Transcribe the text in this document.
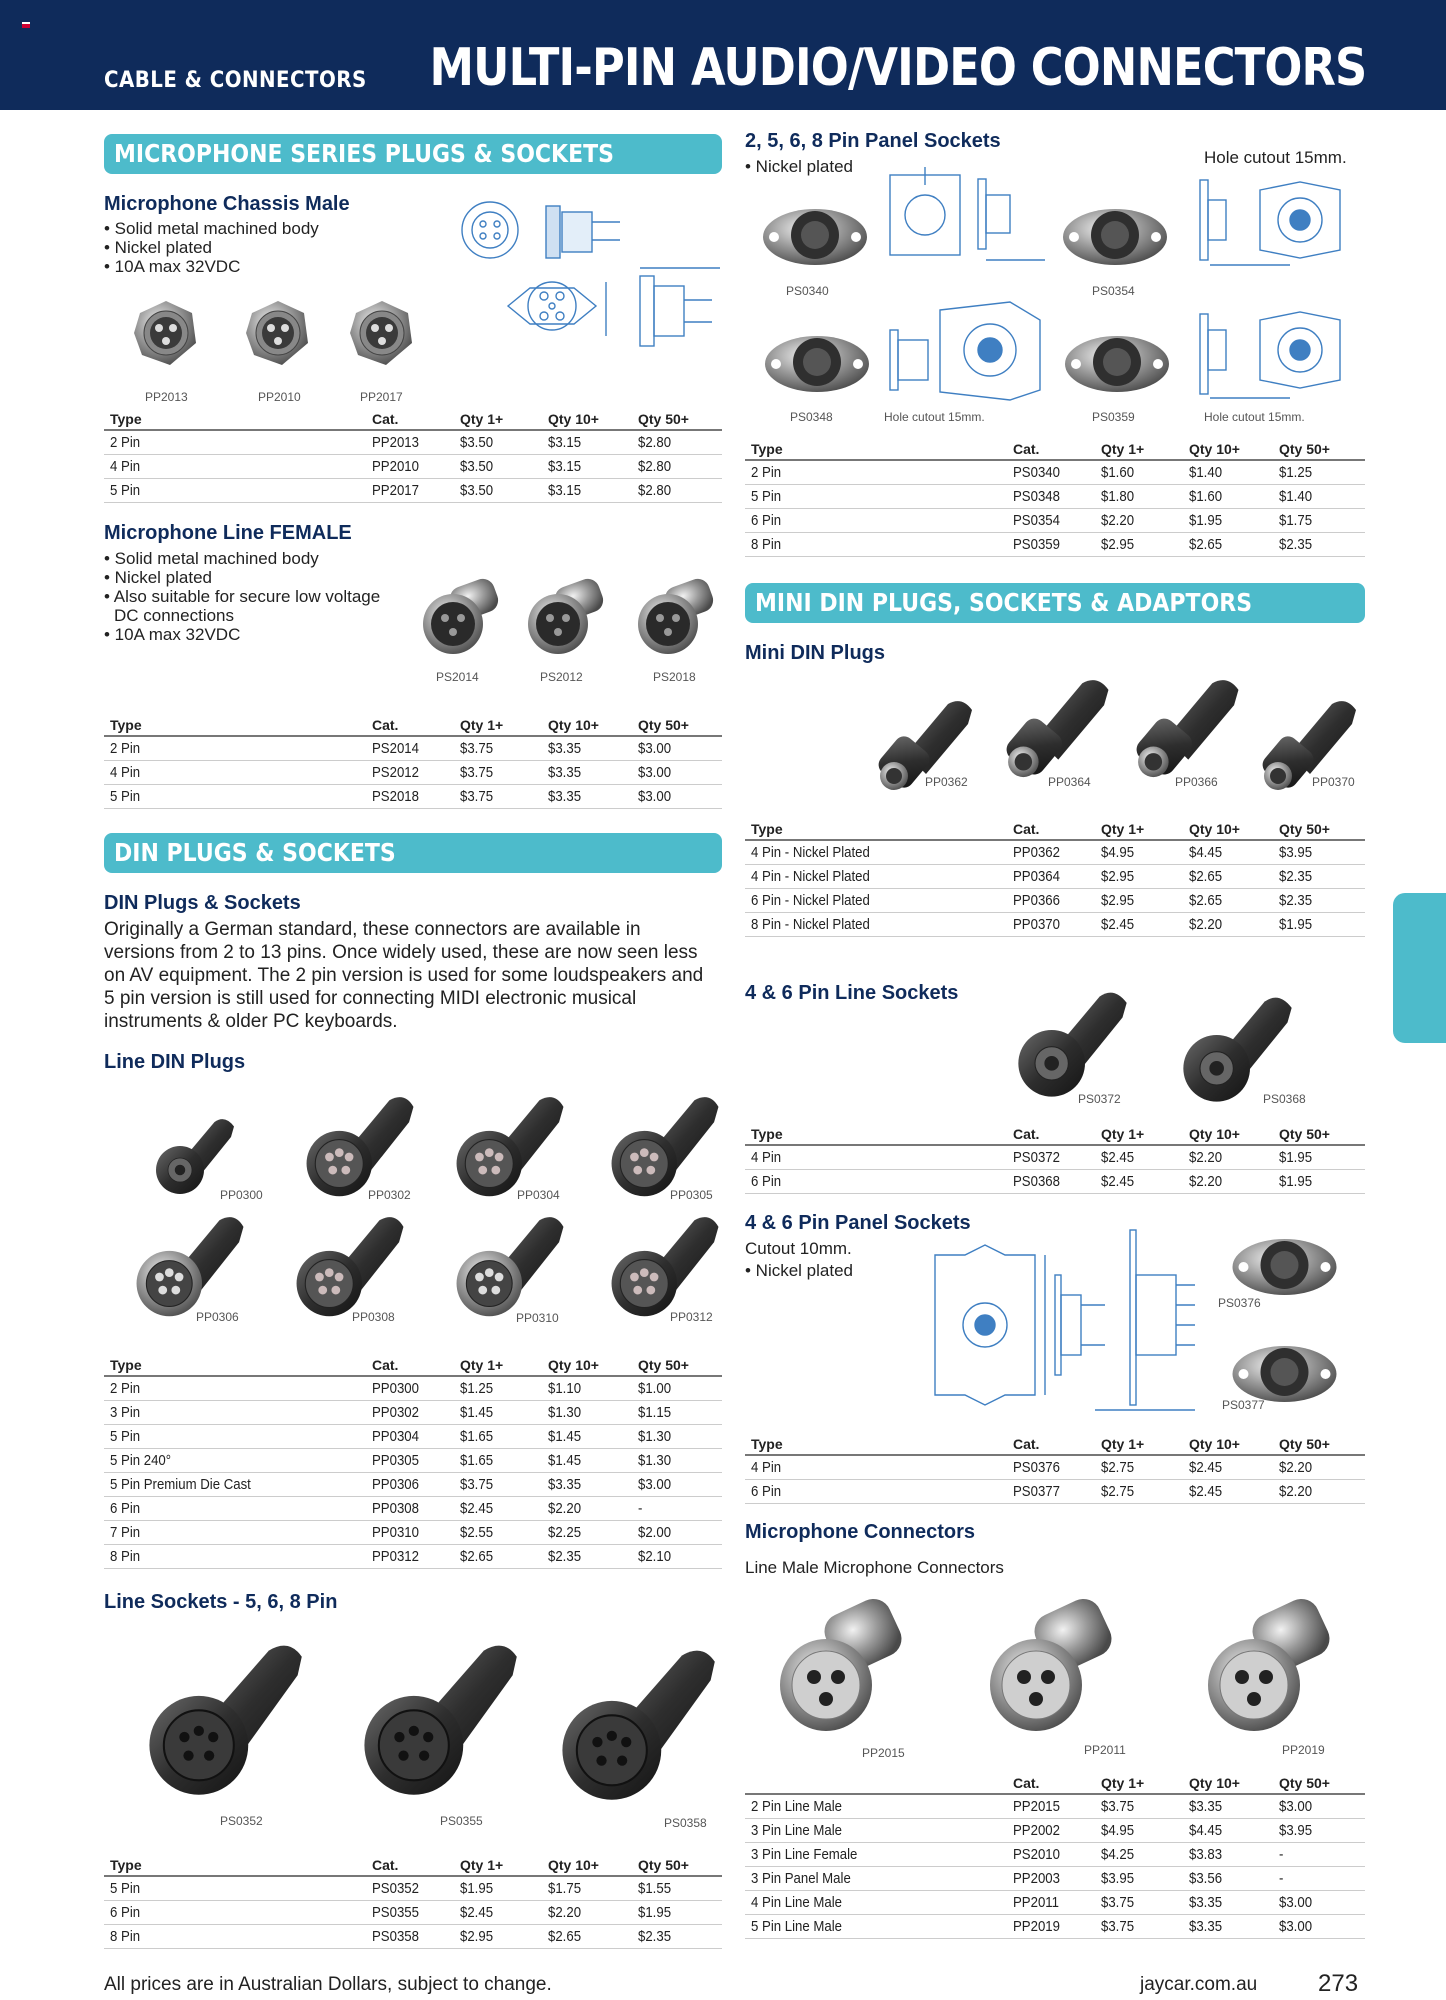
CABLE & CONNECTORS MULTI-PIN AUDIO/VIDEO CONNECTORS
MICROPHONE SERIES PLUGS & SOCKETS
Microphone Chassis Male
• Solid metal machined body
• Nickel plated
• 10A max 32VDC
PP2013	PP2010	PP2017
Type	Cat.	Qty 1+	Qty 10+	Qty 50+
2 Pin	PP2013	$3.50	$3.15	$2.80
4 Pin	PP2010	$3.50	$3.15	$2.80
5 Pin	PP2017	$3.50	$3.15	$2.80
Microphone Line FEMALE
• Solid metal machined body
• Nickel plated
• Also suitable for secure low voltage
DC connections
• 10A max 32VDC
PS2014	PS2012	PS2018
Type	Cat.	Qty 1+	Qty 10+	Qty 50+
2 Pin	PS2014	$3.75	$3.35	$3.00
4 Pin	PS2012	$3.75	$3.35	$3.00
5 Pin	PS2018	$3.75	$3.35	$3.00
DIN PLUGS & SOCKETS
DIN Plugs & Sockets
Originally a German standard, these connectors are available in versions from 2 to 13 pins. Once widely used, these are now seen less on AV equipment. The 2 pin version is used for some loudspeakers and 5 pin version is still used for connecting MIDI electronic musical instruments & older PC keyboards.
Line DIN Plugs
PP0300	PP0302	PP0304	PP0305
PP0306	PP0308	PP0310	PP0312
Type	Cat.	Qty 1+	Qty 10+	Qty 50+
2 Pin	PP0300	$1.25	$1.10	$1.00
3 Pin	PP0302	$1.45	$1.30	$1.15
5 Pin	PP0304	$1.65	$1.45	$1.30
5 Pin 240°	PP0305	$1.65	$1.45	$1.30
5 Pin Premium Die Cast	PP0306	$3.75	$3.35	$3.00
6 Pin	PP0308	$2.45	$2.20	-
7 Pin	PP0310	$2.55	$2.25	$2.00
8 Pin	PP0312	$2.65	$2.35	$2.10
Line Sockets - 5, 6, 8 Pin
PS0352	PS0355	PS0358
Type	Cat.	Qty 1+	Qty 10+	Qty 50+
5 Pin	PS0352	$1.95	$1.75	$1.55
6 Pin	PS0355	$2.45	$2.20	$1.95
8 Pin	PS0358	$2.95	$2.65	$2.35
2, 5, 6, 8 Pin Panel Sockets
• Nickel plated	Hole cutout 15mm.
PS0340	PS0354
PS0348	PS0359
Hole cutout 15mm.	Hole cutout 15mm.
Type	Cat.	Qty 1+	Qty 10+	Qty 50+
2 Pin	PS0340	$1.60	$1.40	$1.25
5 Pin	PS0348	$1.80	$1.60	$1.40
6 Pin	PS0354	$2.20	$1.95	$1.75
8 Pin	PS0359	$2.95	$2.65	$2.35
MINI DIN PLUGS, SOCKETS & ADAPTORS
Mini DIN Plugs
PP0362	PP0364	PP0366	PP0370
Type	Cat.	Qty 1+	Qty 10+	Qty 50+
4 Pin - Nickel Plated	PP0362	$4.95	$4.45	$3.95
4 Pin - Nickel Plated	PP0364	$2.95	$2.65	$2.35
6 Pin - Nickel Plated	PP0366	$2.95	$2.65	$2.35
8 Pin - Nickel Plated	PP0370	$2.45	$2.20	$1.95
4 & 6 Pin Line Sockets
PS0372	PS0368
Type	Cat.	Qty 1+	Qty 10+	Qty 50+
4 Pin	PS0372	$2.45	$2.20	$1.95
6 Pin	PS0368	$2.45	$2.20	$1.95
4 & 6 Pin Panel Sockets
Cutout 10mm.
• Nickel plated
PS0376
PS0377
Type	Cat.	Qty 1+	Qty 10+	Qty 50+
4 Pin	PS0376	$2.75	$2.45	$2.20
6 Pin	PS0377	$2.75	$2.45	$2.20
Microphone Connectors
Line Male Microphone Connectors
PP2015	PP2011	PP2019
	Cat.	Qty 1+	Qty 10+	Qty 50+
2 Pin Line Male	PP2015	$3.75	$3.35	$3.00
3 Pin Line Male	PP2002	$4.95	$4.45	$3.95
3 Pin Line Female	PS2010	$4.25	$3.83	-
3 Pin Panel Male	PP2003	$3.95	$3.56	-
4 Pin Line Male	PP2011	$3.75	$3.35	$3.00
5 Pin Line Male	PP2019	$3.75	$3.35	$3.00
All prices are in Australian Dollars, subject to change.	jaycar.com.au	273
